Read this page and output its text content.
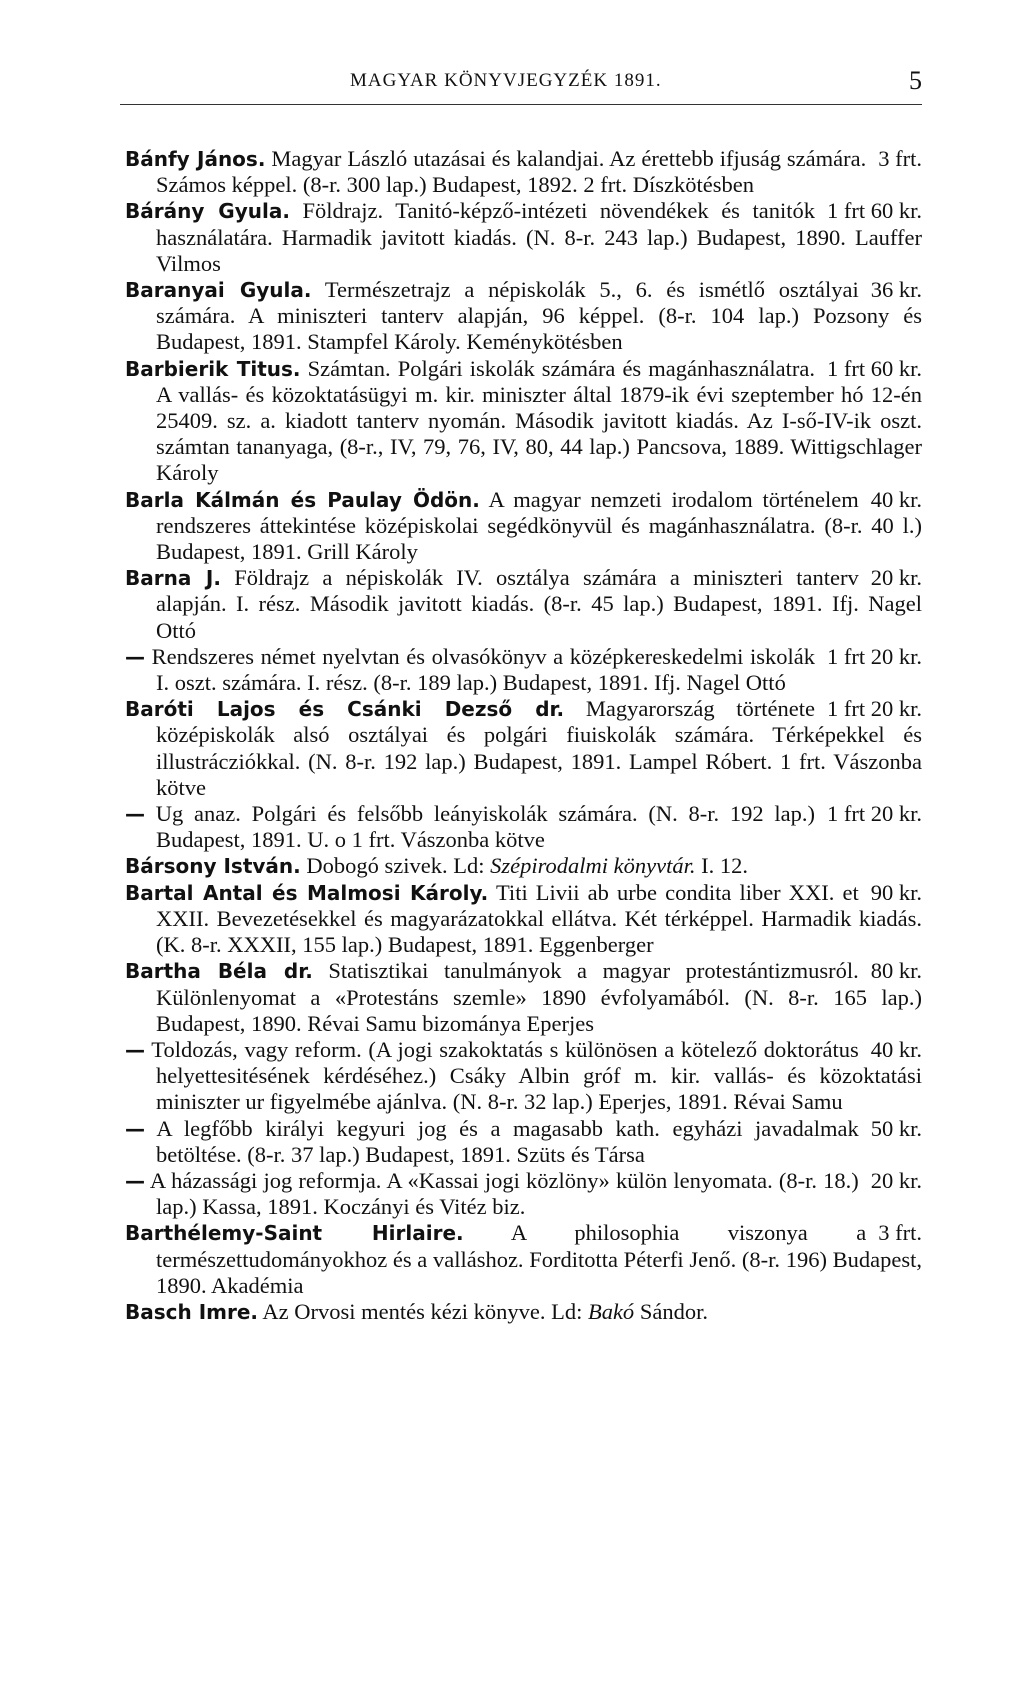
MAGYAR KÖNYVJEGYZÉK 1891.	5
3 frt.
Bánfy János. Magyar László utazásai és kalandjai. Az érettebb ifjuság számára. Számos képpel. (8-r. 300 lap.) Budapest, 1892. 2 frt. Díszkötésben
1 frt 60 kr.
Bárány Gyula. Földrajz. Tanitó-képző-intézeti növendékek és tanitók használatára. Harmadik javitott kiadás. (N. 8-r. 243 lap.) Budapest, 1890. Lauffer Vilmos
36 kr.
Baranyai Gyula. Természetrajz a népiskolák 5., 6. és ismétlő osztályai számára. A miniszteri tanterv alapján, 96 képpel. (8-r. 104 lap.) Pozsony és Budapest, 1891. Stampfel Károly. Keménykötésben
1 frt 60 kr.
Barbierik Titus. Számtan. Polgári iskolák számára és magánhasználatra. A vallás- és közoktatásügyi m. kir. miniszter által 1879-ik évi szeptember hó 12-én 25409. sz. a. kiadott tanterv nyomán. Második javitott kiadás. Az I-ső-IV-ik oszt. számtan tananyaga, (8-r., IV, 79, 76, IV, 80, 44 lap.) Pancsova, 1889. Wittigschlager Károly
40 kr.
Barla Kálmán és Paulay Ödön. A magyar nemzeti irodalom történelem rendszeres áttekintése középiskolai segédkönyvül és magánhasználatra. (8-r. 40 l.) Budapest, 1891. Grill Károly
20 kr.
Barna J. Földrajz a népiskolák IV. osztálya számára a miniszteri tanterv alapján. I. rész. Második javitott kiadás. (8-r. 45 lap.) Budapest, 1891. Ifj. Nagel Ottó
1 frt 20 kr.
— Rendszeres német nyelvtan és olvasókönyv a középkereskedelmi iskolák I. oszt. számára. I. rész. (8-r. 189 lap.) Budapest, 1891. Ifj. Nagel Ottó
1 frt 20 kr.
Baróti Lajos és Csánki Dezső dr. Magyarország története középiskolák alsó osztályai és polgári fiuiskolák számára. Térképekkel és illustrácziókkal. (N. 8-r. 192 lap.) Budapest, 1891. Lampel Róbert. 1 frt. Vászonba kötve
1 frt 20 kr.
— Ug anaz. Polgári és felsőbb leányiskolák számára. (N. 8-r. 192 lap.) Budapest, 1891. U. o 1 frt. Vászonba kötve
Bársony István. Dobogó szivek. Ld: Szépirodalmi könyvtár. I. 12.
90 kr.
Bartal Antal és Malmosi Károly. Titi Livii ab urbe condita liber XXI. et XXII. Bevezetésekkel és magyarázatokkal ellátva. Két térképpel. Harmadik kiadás. (K. 8-r. XXXII, 155 lap.) Budapest, 1891. Eggenberger
80 kr.
Bartha Béla dr. Statisztikai tanulmányok a magyar protestántizmusról. Különlenyomat a «Protestáns szemle» 1890 évfolyamából. (N. 8-r. 165 lap.) Budapest, 1890. Révai Samu bizománya Eperjes
40 kr.
— Toldozás, vagy reform. (A jogi szakoktatás s különösen a kötelező doktorátus helyettesitésének kérdéséhez.) Csáky Albin gróf m. kir. vallás- és közoktatási miniszter ur figyelmébe ajánlva. (N. 8-r. 32 lap.) Eperjes, 1891. Révai Samu
50 kr.
— A legfőbb királyi kegyuri jog és a magasabb kath. egyházi javadalmak betöltése. (8-r. 37 lap.) Budapest, 1891. Szüts és Társa
20 kr.
— A házassági jog reformja. A «Kassai jogi közlöny» külön lenyomata. (8-r. 18.) lap.) Kassa, 1891. Koczányi és Vitéz biz.
3 frt.
Barthélemy-Saint Hirlaire. A philosophia viszonya a természettudományokhoz és a valláshoz. Forditotta Péterfi Jenő. (8-r. 196) Budapest, 1890. Akadémia
Basch Imre. Az Orvosi mentés kézi könyve. Ld: Bakó Sándor.
